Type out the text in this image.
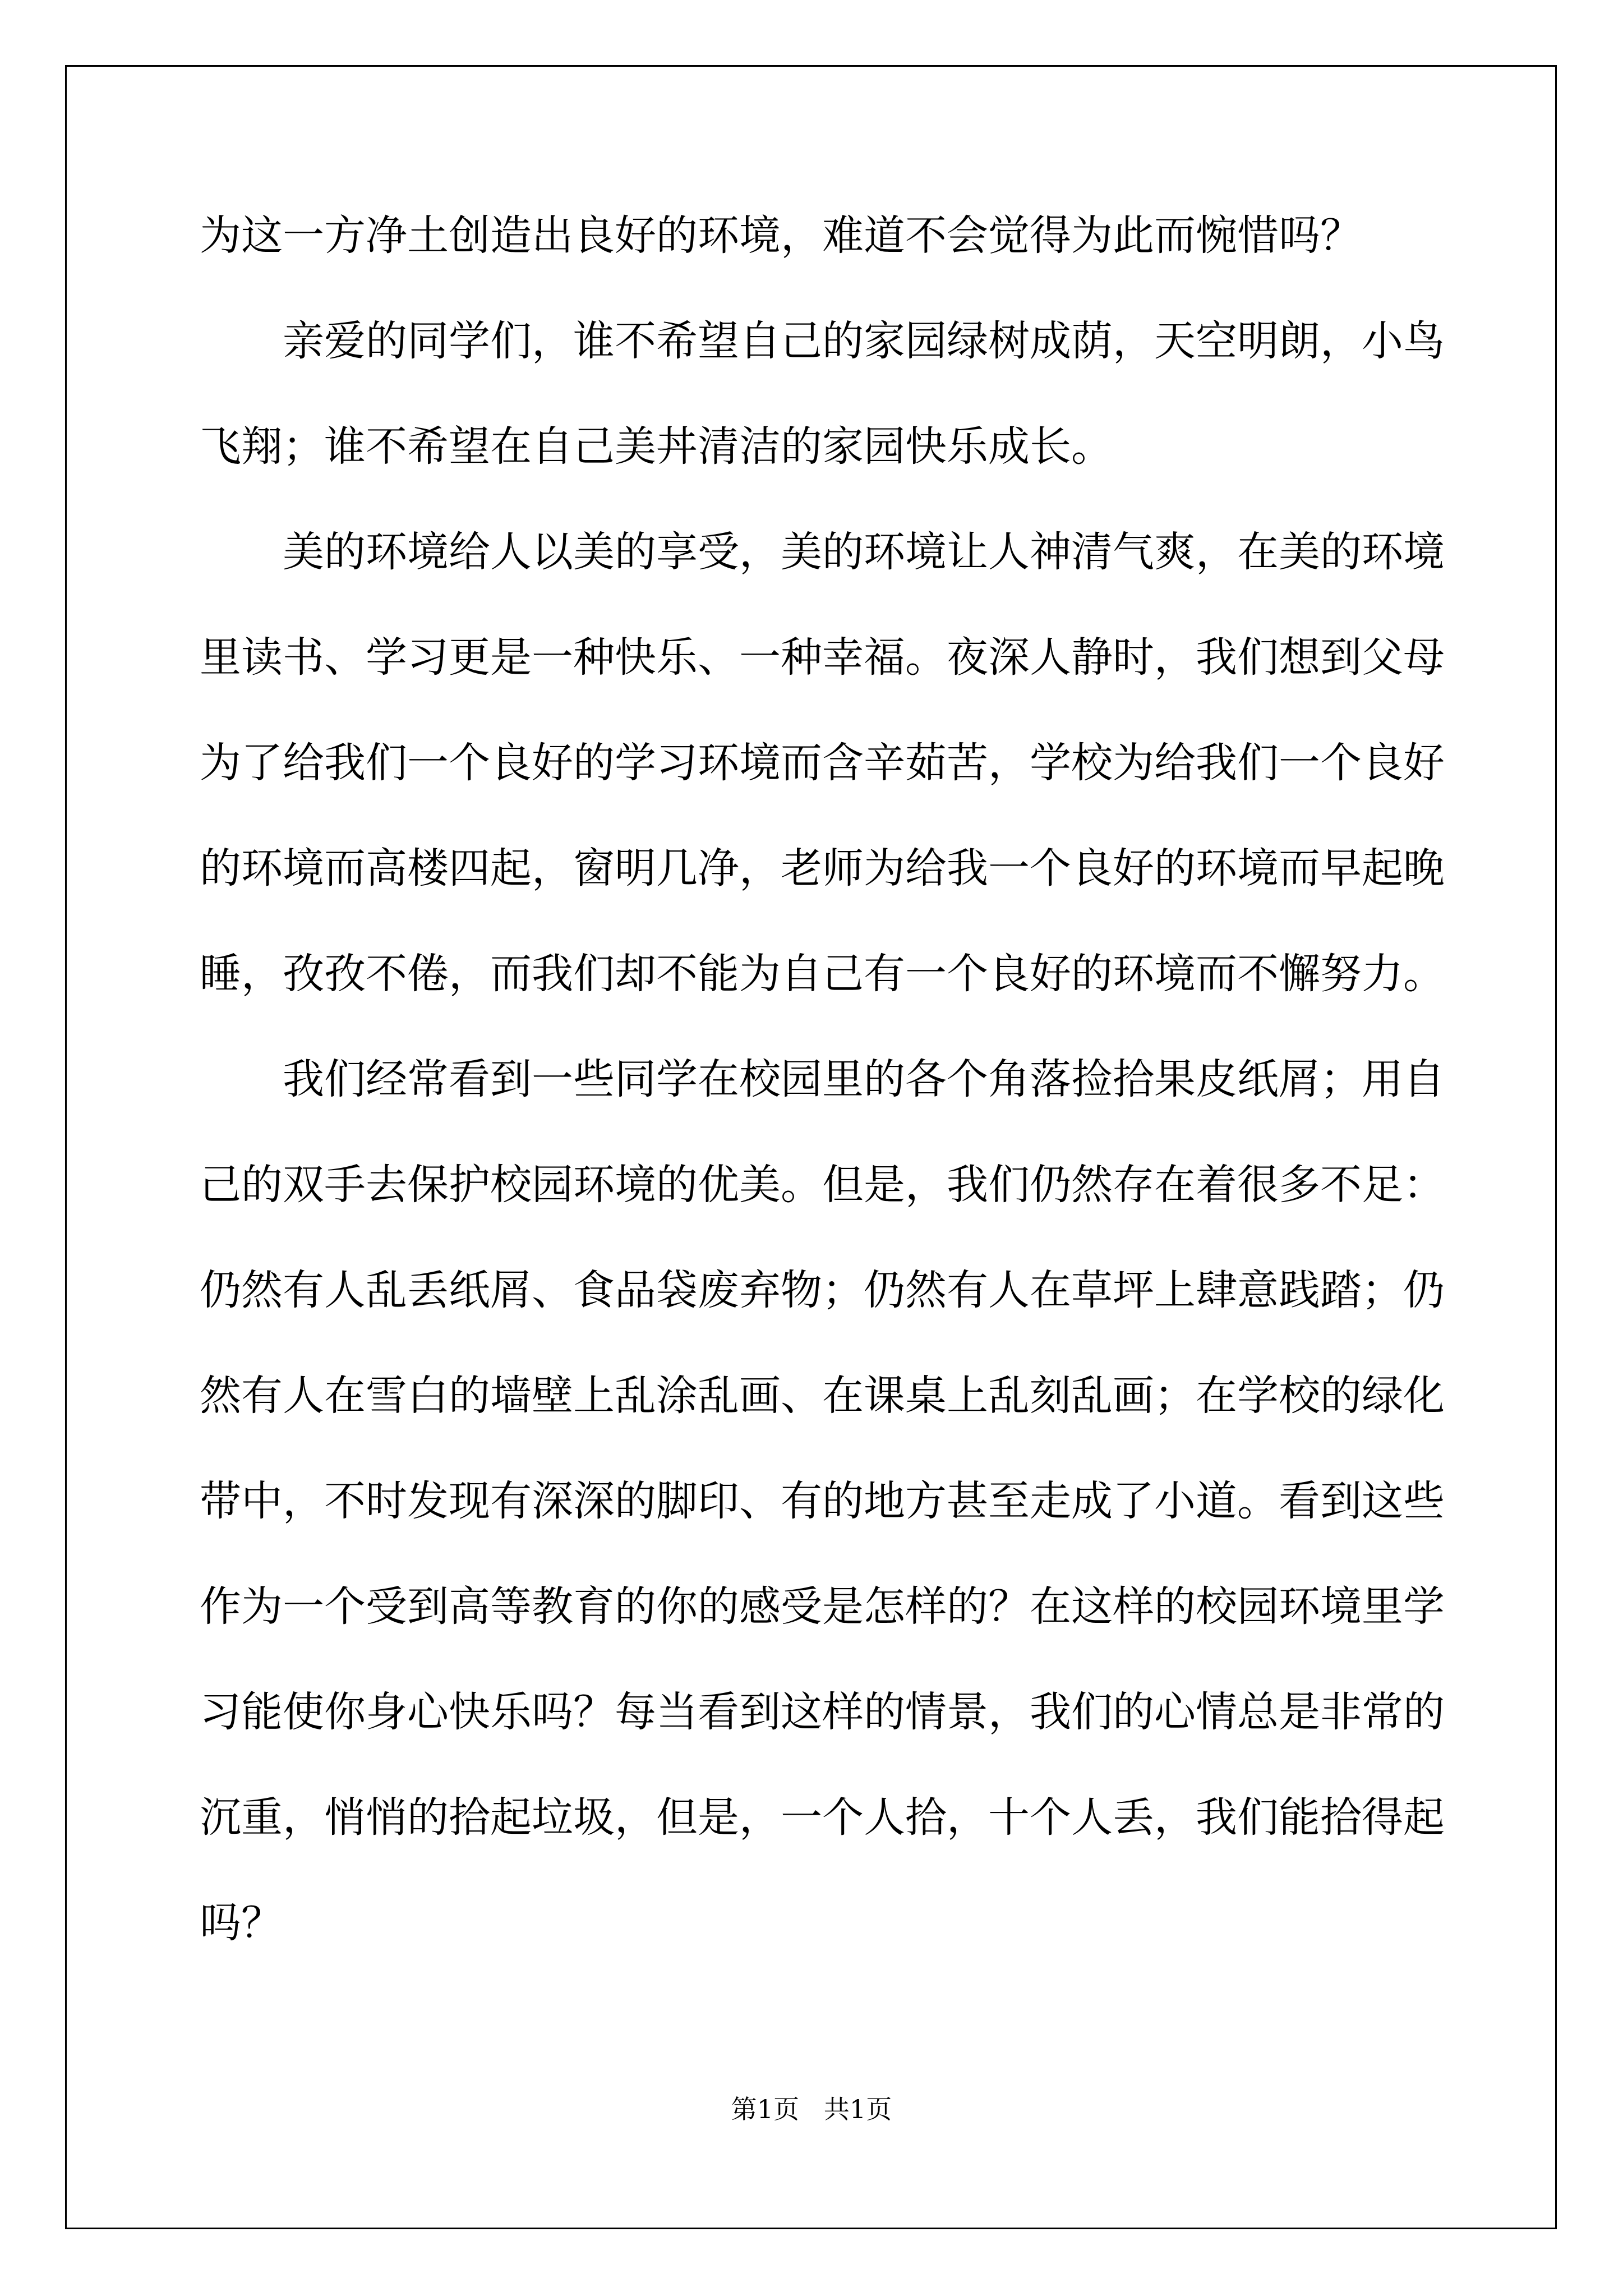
为这一方净土创造出良好的环境，难道不会觉得为此而惋惜吗？
亲爱的同学们，谁不希望自己的家园绿树成荫，天空明朗，小鸟
飞翔；谁不希望在自己美丼清洁的家园快乐成长。
美的环境给人以美的享受，美的环境让人神清气爽，在美的环境
里读书、学习更是一种快乐、一种幸福。夜深人静时，我们想到父母
为了给我们一个良好的学习环境而含辛茹苦，学校为给我们一个良好
的环境而高楼四起，窗明几净，老师为给我一个良好的环境而早起晚
睡，孜孜不倦，而我们却不能为自己有一个良好的环境而不懈努力。
我们经常看到一些同学在校园里的各个角落捡拾果皮纸屑；用自
己的双手去保护校园环境的优美。但是，我们仍然存在着很多不足：
仍然有人乱丢纸屑、食品袋废弃物；仍然有人在草坪上肆意践踏；仍
然有人在雪白的墙壁上乱涂乱画、在课桌上乱刻乱画；在学校的绿化
带中，不时发现有深深的脚印、有的地方甚至走成了小道。看到这些
作为一个受到高等教育的你的感受是怎样的？在这样的校园环境里学
习能使你身心快乐吗？每当看到这样的情景，我们的心情总是非常的
沉重，悄悄的拾起垃圾，但是，一个人拾，十个人丢，我们能拾得起
吗？
第1页   共1页
